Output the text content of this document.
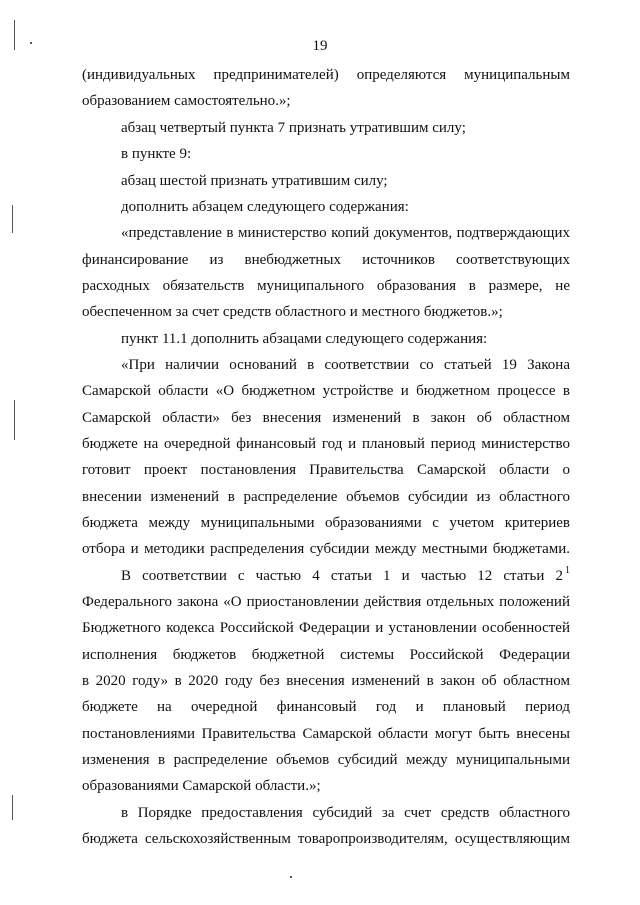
19
(индивидуальных предпринимателей) определяются муниципальным
образованием самостоятельно.»;
абзац четвертый пункта 7 признать утратившим силу;
в пункте 9:
абзац шестой признать утратившим силу;
дополнить абзацем следующего содержания:
«представление в министерство копий документов, подтверждающих
финансирование из внебюджетных источников соответствующих
расходных обязательств муниципального образования в размере, не
обеспеченном за счет средств областного и местного бюджетов.»;
пункт 11.1 дополнить абзацами следующего содержания:
«При наличии оснований в соответствии со статьей 19 Закона
Самарской области «О бюджетном устройстве и бюджетном процессе в
Самарской области» без внесения изменений в закон об областном
бюджете на очередной финансовый год и плановый период министерство
готовит проект постановления Правительства Самарской области о
внесении изменений в распределение объемов субсидии из областного
бюджета между муниципальными образованиями с учетом критериев
отбора и методики распределения субсидии между местными бюджетами.
В соответствии с частью 4 статьи 1 и частью 12 статьи 2 1
Федерального закона «О приостановлении действия отдельных положений
Бюджетного кодекса Российской Федерации и установлении особенностей
исполнения бюджетов бюджетной системы Российской Федерации
в 2020 году» в 2020 году без внесения изменений в закон об областном
бюджете на очередной финансовый год и плановый период
постановлениями Правительства Самарской области могут быть внесены
изменения в распределение объемов субсидий между муниципальными
образованиями Самарской области.»;
в Порядке предоставления субсидий за счет средств областного
бюджета сельскохозяйственным товаропроизводителям, осуществляющим
